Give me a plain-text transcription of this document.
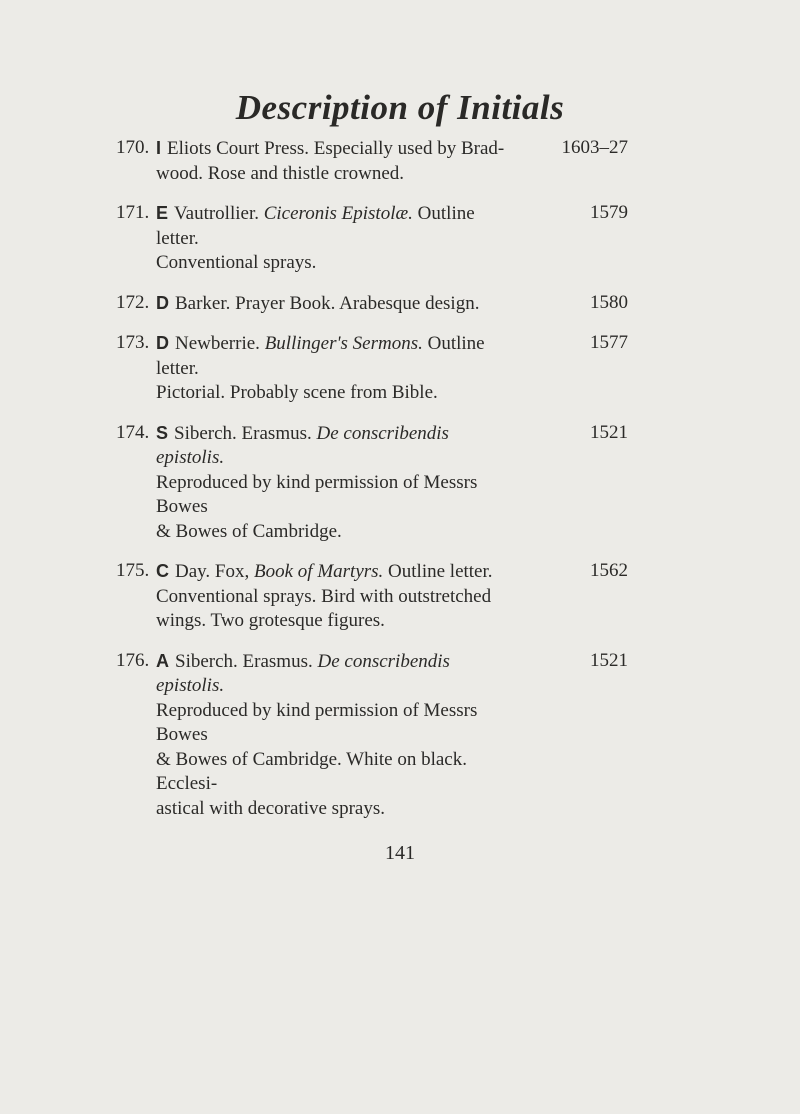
Description of Initials
170. I Eliots Court Press. Especially used by Brad-
wood. Rose and thistle crowned.
1603–27
171. E Vautrollier. Ciceronis Epistolæ. Outline letter.
Conventional sprays.
1579
172. D Barker. Prayer Book. Arabesque design.	1580
173. D Newberrie. Bullinger's Sermons. Outline letter.
Pictorial. Probably scene from Bible.
1577
174. S Siberch. Erasmus. De conscribendis epistolis.
Reproduced by kind permission of Messrs Bowes
& Bowes of Cambridge.
1521
175. C Day. Fox, Book of Martyrs. Outline letter.
Conventional sprays. Bird with outstretched
wings. Two grotesque figures.
1562
176. A Siberch. Erasmus. De conscribendis epistolis.
Reproduced by kind permission of Messrs Bowes
& Bowes of Cambridge. White on black. Ecclesi-
astical with decorative sprays.
1521
141
